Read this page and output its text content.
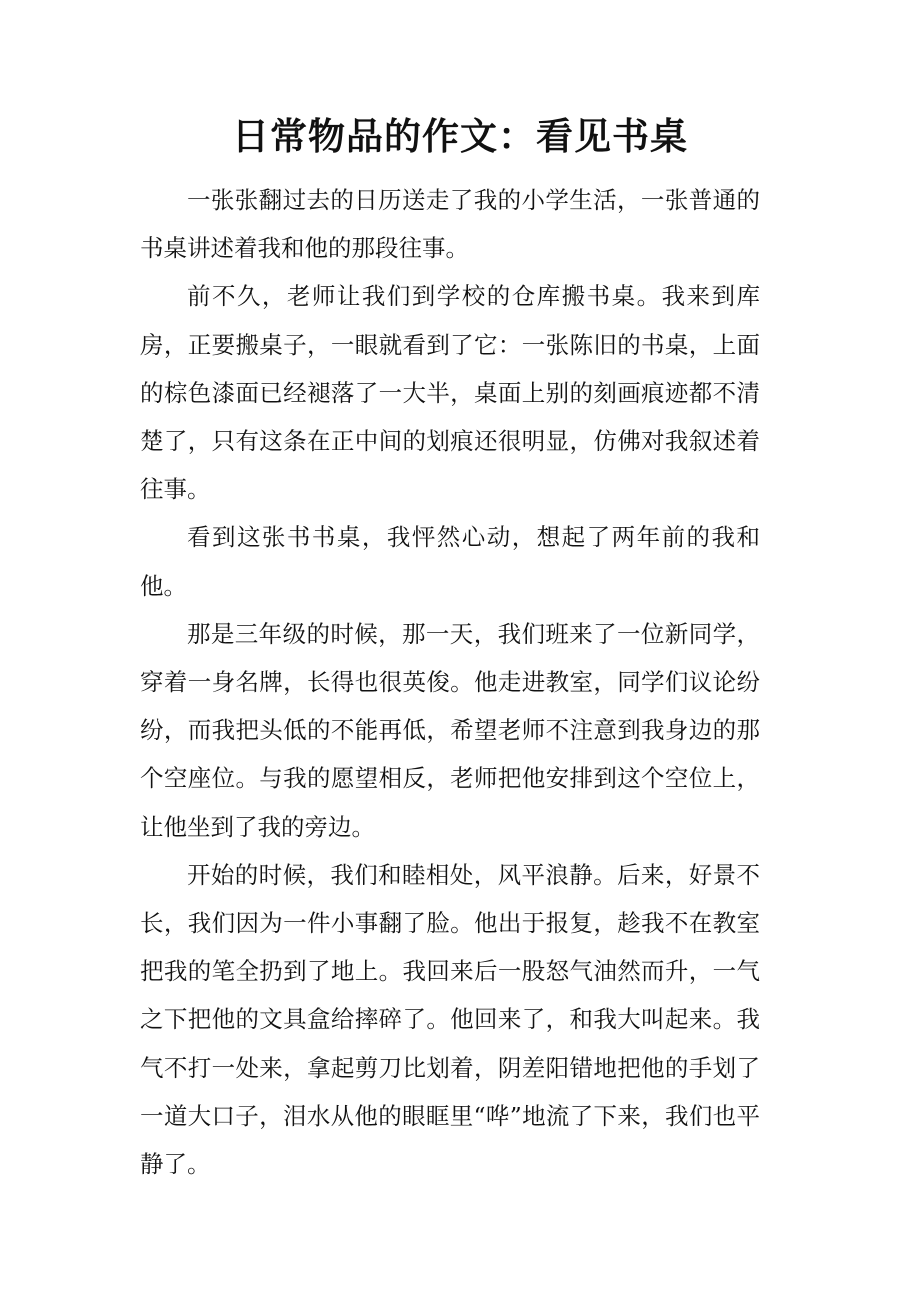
日常物品的作文：看见书桌

一张张翻过去的日历送走了我的小学生活，一张普通的书桌讲述着我和他的那段往事。

前不久，老师让我们到学校的仓库搬书桌。我来到库房，正要搬桌子，一眼就看到了它：一张陈旧的书桌，上面的棕色漆面已经褪落了一大半，桌面上别的刻画痕迹都不清楚了，只有这条在正中间的划痕还很明显，仿佛对我叙述着往事。

看到这张书书桌，我怦然心动，想起了两年前的我和他。

那是三年级的时候，那一天，我们班来了一位新同学，穿着一身名牌，长得也很英俊。他走进教室，同学们议论纷纷，而我把头低的不能再低，希望老师不注意到我身边的那个空座位。与我的愿望相反，老师把他安排到这个空位上，让他坐到了我的旁边。

开始的时候，我们和睦相处，风平浪静。后来，好景不长，我们因为一件小事翻了脸。他出于报复，趁我不在教室把我的笔全扔到了地上。我回来后一股怒气油然而升，一气之下把他的文具盒给摔碎了。他回来了，和我大叫起来。我气不打一处来，拿起剪刀比划着，阴差阳错地把他的手划了一道大口子，泪水从他的眼眶里“哗”地流了下来，我们也平静了。
